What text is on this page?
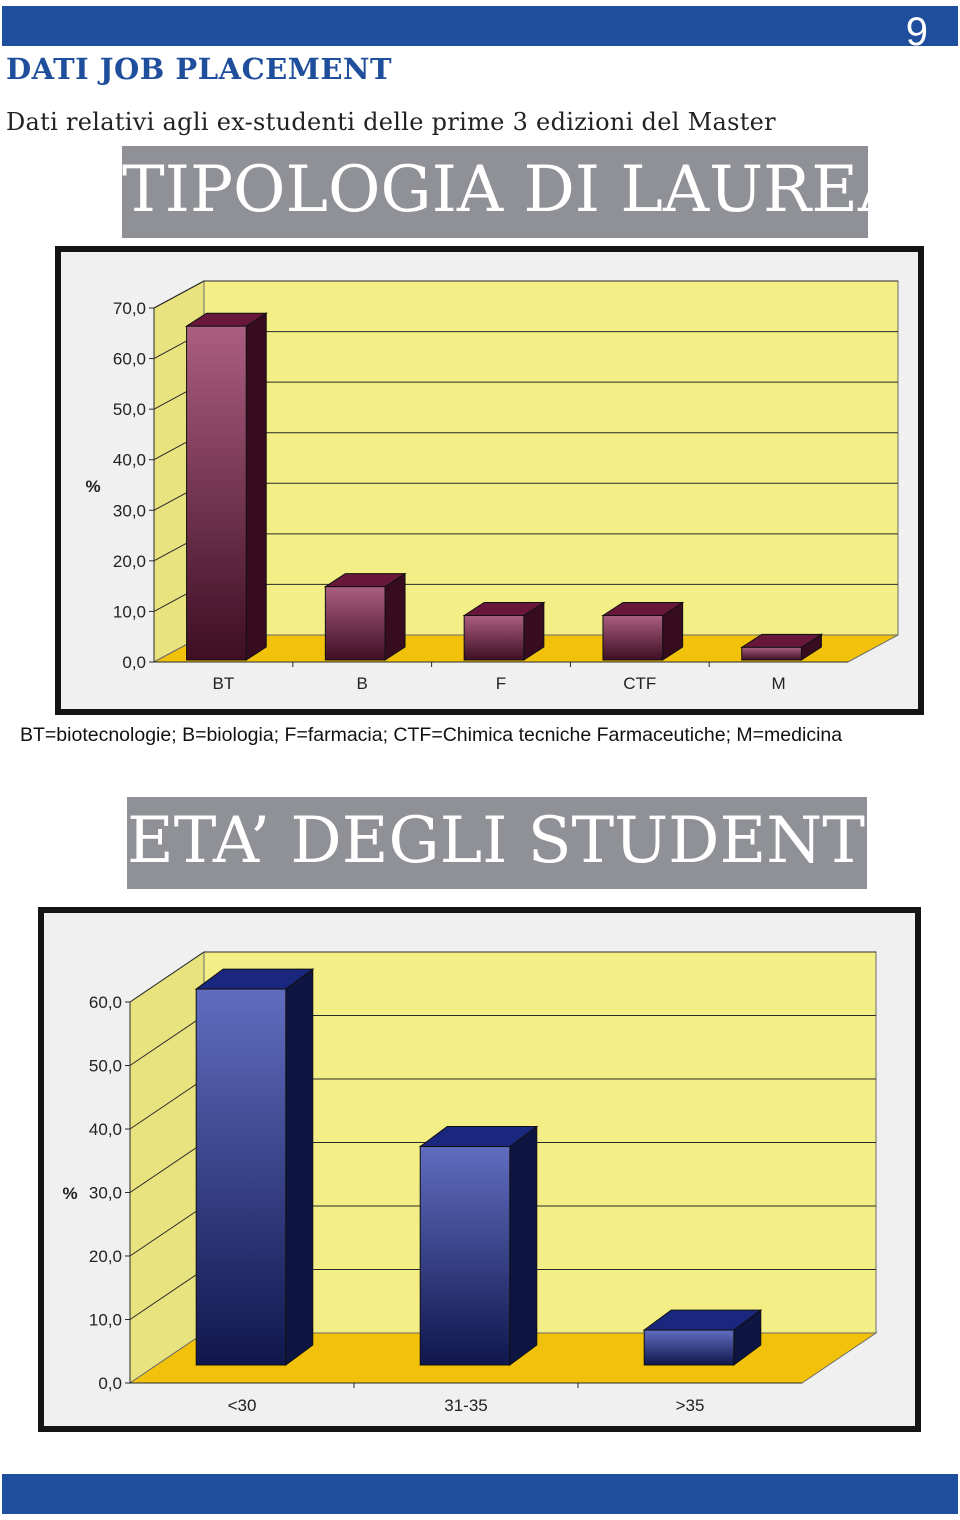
9
DATI JOB PLACEMENT
Dati relativi agli ex-studenti delle prime 3 edizioni del Master
TIPOLOGIA DI LAUREA
0,0
10,0
20,0
30,0
40,0
50,0
60,0
70,0
%
BT	B	F	CTF	M
BT=biotecnologie; B=biologia; F=farmacia; CTF=Chimica tecniche Farmaceutiche; M=medicina
ETA’ DEGLI STUDENTI
0,0
10,0
20,0
30,0
40,0
50,0
60,0
%
<30	31-35	>35
